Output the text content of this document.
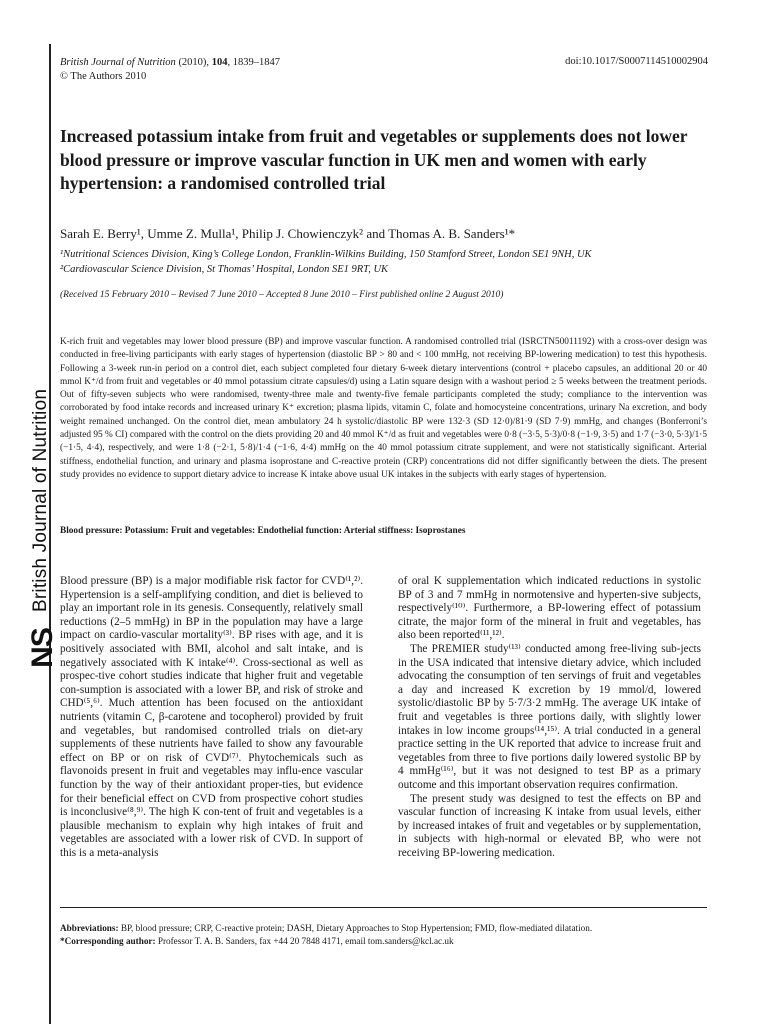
British Journal of Nutrition
NS
British Journal of Nutrition (2010), 104, 1839–1847
© The Authors 2010
doi:10.1017/S0007114510002904
Increased potassium intake from fruit and vegetables or supplements does not lower blood pressure or improve vascular function in UK men and women with early hypertension: a randomised controlled trial
Sarah E. Berry¹, Umme Z. Mulla¹, Philip J. Chowienczyk² and Thomas A. B. Sanders¹*
¹Nutritional Sciences Division, King’s College London, Franklin-Wilkins Building, 150 Stamford Street, London SE1 9NH, UK
²Cardiovascular Science Division, St Thomas’ Hospital, London SE1 9RT, UK
(Received 15 February 2010 – Revised 7 June 2010 – Accepted 8 June 2010 – First published online 2 August 2010)

K-rich fruit and vegetables may lower blood pressure (BP) and improve vascular function. A randomised controlled trial (ISRCTN50011192) with a cross-over design was conducted in free-living participants with early stages of hypertension (diastolic BP > 80 and < 100 mmHg, not receiving BP-lowering medication) to test this hypothesis. Following a 3-week run-in period on a control diet, each subject completed four dietary 6-week dietary interventions (control + placebo capsules, an additional 20 or 40 mmol K⁺/d from fruit and vegetables or 40 mmol potassium citrate capsules/d) using a Latin square design with a washout period ≥ 5 weeks between the treatment periods. Out of fifty-seven subjects who were randomised, twenty-three male and twenty-five female participants completed the study; compliance to the intervention was corroborated by food intake records and increased urinary K⁺ excretion; plasma lipids, vitamin C, folate and homocysteine concentrations, urinary Na excretion, and body weight remained unchanged. On the control diet, mean ambulatory 24 h systolic/diastolic BP were 132·3 (SD 12·0)/81·9 (SD 7·9) mmHg, and changes (Bonferroni’s adjusted 95 % CI) compared with the control on the diets providing 20 and 40 mmol K⁺/d as fruit and vegetables were 0·8 (−3·5, 5·3)/0·8 (−1·9, 3·5) and 1·7 (−3·0, 5·3)/1·5 (−1·5, 4·4), respectively, and were 1·8 (−2·1, 5·8)/1·4 (−1·6, 4·4) mmHg on the 40 mmol potassium citrate supplement, and were not statistically significant. Arterial stiffness, endothelial function, and urinary and plasma isoprostane and C-reactive protein (CRP) concentrations did not differ significantly between the diets. The present study provides no evidence to support dietary advice to increase K intake above usual UK intakes in the subjects with early stages of hypertension.

Blood pressure: Potassium: Fruit and vegetables: Endothelial function: Arterial stiffness: Isoprostanes

Blood pressure (BP) is a major modifiable risk factor for CVD⁽¹,²⁾. Hypertension is a self-amplifying condition, and diet is believed to play an important role in its genesis. Consequently, relatively small reductions (2–5 mmHg) in BP in the population may have a large impact on cardio-vascular mortality⁽³⁾. BP rises with age, and it is positively associated with BMI, alcohol and salt intake, and is negatively associated with K intake⁽⁴⁾. Cross-sectional as well as prospec-tive cohort studies indicate that higher fruit and vegetable con-sumption is associated with a lower BP, and risk of stroke and CHD⁽⁵,⁶⁾. Much attention has been focused on the antioxidant nutrients (vitamin C, β-carotene and tocopherol) provided by fruit and vegetables, but randomised controlled trials on diet-ary supplements of these nutrients have failed to show any favourable effect on BP or on risk of CVD⁽⁷⁾. Phytochemicals such as flavonoids present in fruit and vegetables may influ-ence vascular function by the way of their antioxidant proper-ties, but evidence for their beneficial effect on CVD from prospective cohort studies is inconclusive⁽⁸,⁹⁾. The high K con-tent of fruit and vegetables is a plausible mechanism to explain why high intakes of fruit and vegetables are associated with a lower risk of CVD. In support of this is a meta-analysis

of oral K supplementation which indicated reductions in systolic BP of 3 and 7 mmHg in normotensive and hyperten-sive subjects, respectively⁽¹⁰⁾. Furthermore, a BP-lowering effect of potassium citrate, the major form of the mineral in fruit and vegetables, has also been reported⁽¹¹,¹²⁾.

The PREMIER study⁽¹³⁾ conducted among free-living sub-jects in the USA indicated that intensive dietary advice, which included advocating the consumption of ten servings of fruit and vegetables a day and increased K excretion by 19 mmol/d, lowered systolic/diastolic BP by 5·7/3·2 mmHg. The average UK intake of fruit and vegetables is three portions daily, with slightly lower intakes in low income groups⁽¹⁴,¹⁵⁾. A trial conducted in a general practice setting in the UK reported that advice to increase fruit and vegetables from three to five portions daily lowered systolic BP by 4 mmHg⁽¹⁶⁾, but it was not designed to test BP as a primary outcome and this important observation requires confirmation.

The present study was designed to test the effects on BP and vascular function of increasing K intake from usual levels, either by increased intakes of fruit and vegetables or by supplementation, in subjects with high-normal or elevated BP, who were not receiving BP-lowering medication.

Abbreviations: BP, blood pressure; CRP, C-reactive protein; DASH, Dietary Approaches to Stop Hypertension; FMD, flow-mediated dilatation.
*Corresponding author: Professor T. A. B. Sanders, fax +44 20 7848 4171, email tom.sanders@kcl.ac.uk
